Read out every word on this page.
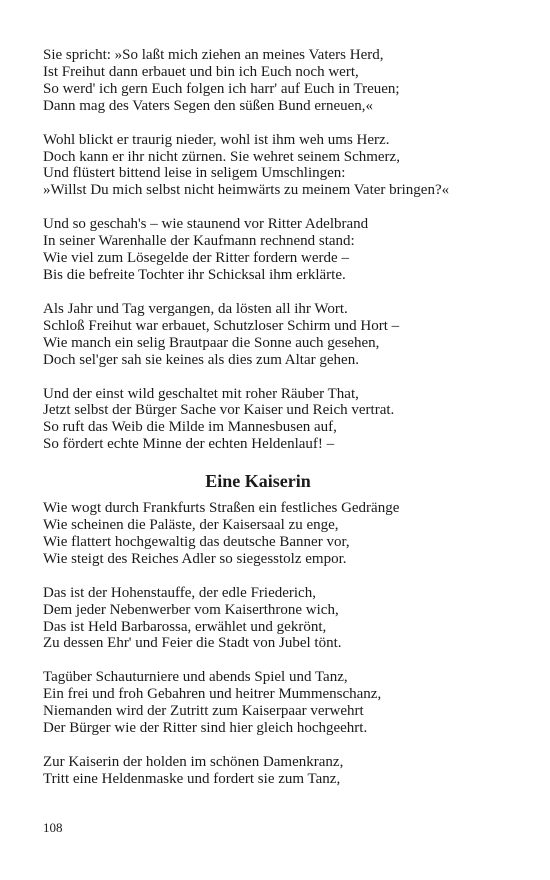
Sie spricht: »So laßt mich ziehen an meines Vaters Herd,
Ist Freihut dann erbauet und bin ich Euch noch wert,
So werd' ich gern Euch folgen ich harr' auf Euch in Treuen;
Dann mag des Vaters Segen den süßen Bund erneuen,«
Wohl blickt er traurig nieder, wohl ist ihm weh ums Herz.
Doch kann er ihr nicht zürnen. Sie wehret seinem Schmerz,
Und flüstert bittend leise in seligem Umschlingen:
»Willst Du mich selbst nicht heimwärts zu meinem Vater bringen?«
Und so geschah's – wie staunend vor Ritter Adelbrand
In seiner Warenhalle der Kaufmann rechnend stand:
Wie viel zum Lösegelde der Ritter fordern werde –
Bis die befreite Tochter ihr Schicksal ihm erklärte.
Als Jahr und Tag vergangen, da lösten all ihr Wort.
Schloß Freihut war erbauet, Schutzloser Schirm und Hort –
Wie manch ein selig Brautpaar die Sonne auch gesehen,
Doch sel'ger sah sie keines als dies zum Altar gehen.
Und der einst wild geschaltet mit roher Räuber That,
Jetzt selbst der Bürger Sache vor Kaiser und Reich vertrat.
So ruft das Weib die Milde im Mannesbusen auf,
So fördert echte Minne der echten Heldenlauf! –
Eine Kaiserin
Wie wogt durch Frankfurts Straßen ein festliches Gedränge
Wie scheinen die Paläste, der Kaisersaal zu enge,
Wie flattert hochgewaltig das deutsche Banner vor,
Wie steigt des Reiches Adler so siegesstolz empor.
Das ist der Hohenstauffe, der edle Friederich,
Dem jeder Nebenwerber vom Kaiserthrone wich,
Das ist Held Barbarossa, erwählet und gekrönt,
Zu dessen Ehr' und Feier die Stadt von Jubel tönt.
Tagüber Schauturniere und abends Spiel und Tanz,
Ein frei und froh Gebahren und heitrer Mummenschanz,
Niemanden wird der Zutritt zum Kaiserpaar verwehrt
Der Bürger wie der Ritter sind hier gleich hochgeehrt.
Zur Kaiserin der holden im schönen Damenkranz,
Tritt eine Heldenmaske und fordert sie zum Tanz,
108
